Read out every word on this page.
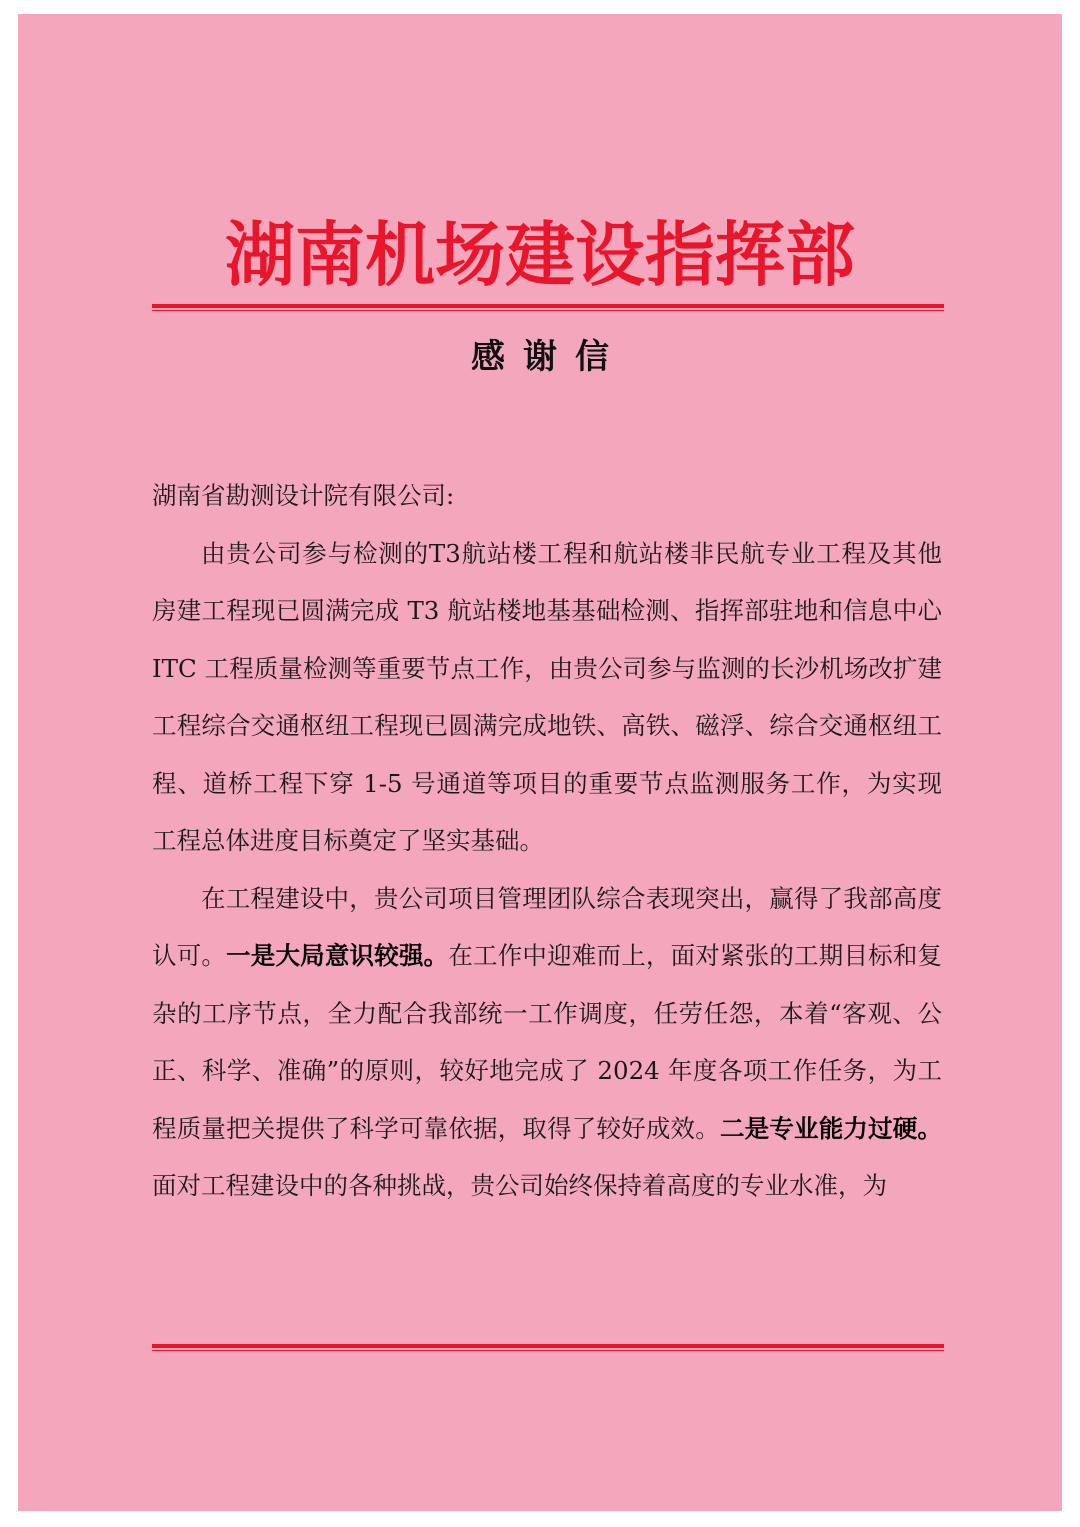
湖南机场建设指挥部
感谢信

湖南省勘测设计院有限公司:

由贵公司参与检测的T3航站楼工程和航站楼非民航专业工程及其他房建工程现已圆满完成 T3 航站楼地基基础检测、指挥部驻地和信息中心 ITC 工程质量检测等重要节点工作，由贵公司参与监测的长沙机场改扩建工程综合交通枢纽工程现已圆满完成地铁、高铁、磁浮、综合交通枢纽工程、道桥工程下穿 1-5 号通道等项目的重要节点监测服务工作，为实现工程总体进度目标奠定了坚实基础。

在工程建设中，贵公司项目管理团队综合表现突出，赢得了我部高度认可。一是大局意识较强。在工作中迎难而上，面对紧张的工期目标和复杂的工序节点，全力配合我部统一工作调度，任劳任怨，本着“客观、公正、科学、准确”的原则，较好地完成了 2024 年度各项工作任务，为工程质量把关提供了科学可靠依据，取得了较好成效。二是专业能力过硬。面对工程建设中的各种挑战，贵公司始终保持着高度的专业水准，为
